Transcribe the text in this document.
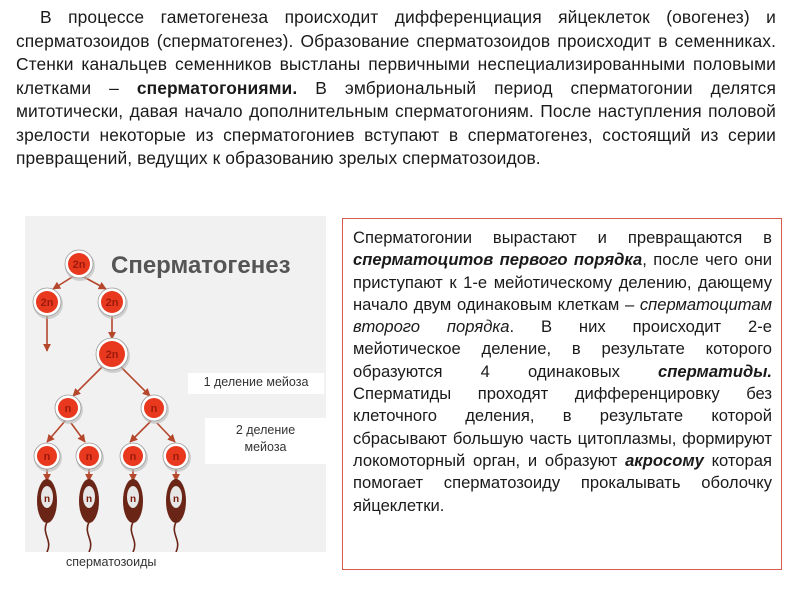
В процессе гаметогенеза происходит дифференциация яйцеклеток (овогенез) и сперматозоидов (сперматогенез). Образование сперматозоидов происходит в семенниках. Стенки канальцев семенников выстланы первичными неспециализированными половыми клетками – сперматогониями. В эмбриональный период сперматогонии делятся митотически, давая начало дополнительным сперматогониям. После наступления половой зрелости некоторые из сперматогониев вступают в сперматогенез, состоящий из серии превращений, ведущих к образованию зрелых сперматозоидов.
Сперматогенез
n	n	n	n
2n
2n	2n
2n
n	n
n	n	n	n
1 деление мейоза
2 деление
мейоза
сперматозоиды
Сперматогонии вырастают и превращаются в сперматоцитов первого порядка, после чего они приступают к 1-е мейотическому делению, дающему начало двум одинаковым клеткам – сперматоцитам второго порядка. В них происходит 2-е мейотическое деление, в результате которого образуются 4 одинаковых сперматиды. Сперматиды проходят дифференцировку без клеточного деления, в результате которой сбрасывают большую часть цитоплазмы, формируют локомоторный орган, и образуют акросому которая помогает сперматозоиду прокалывать оболочку яйцеклетки.
